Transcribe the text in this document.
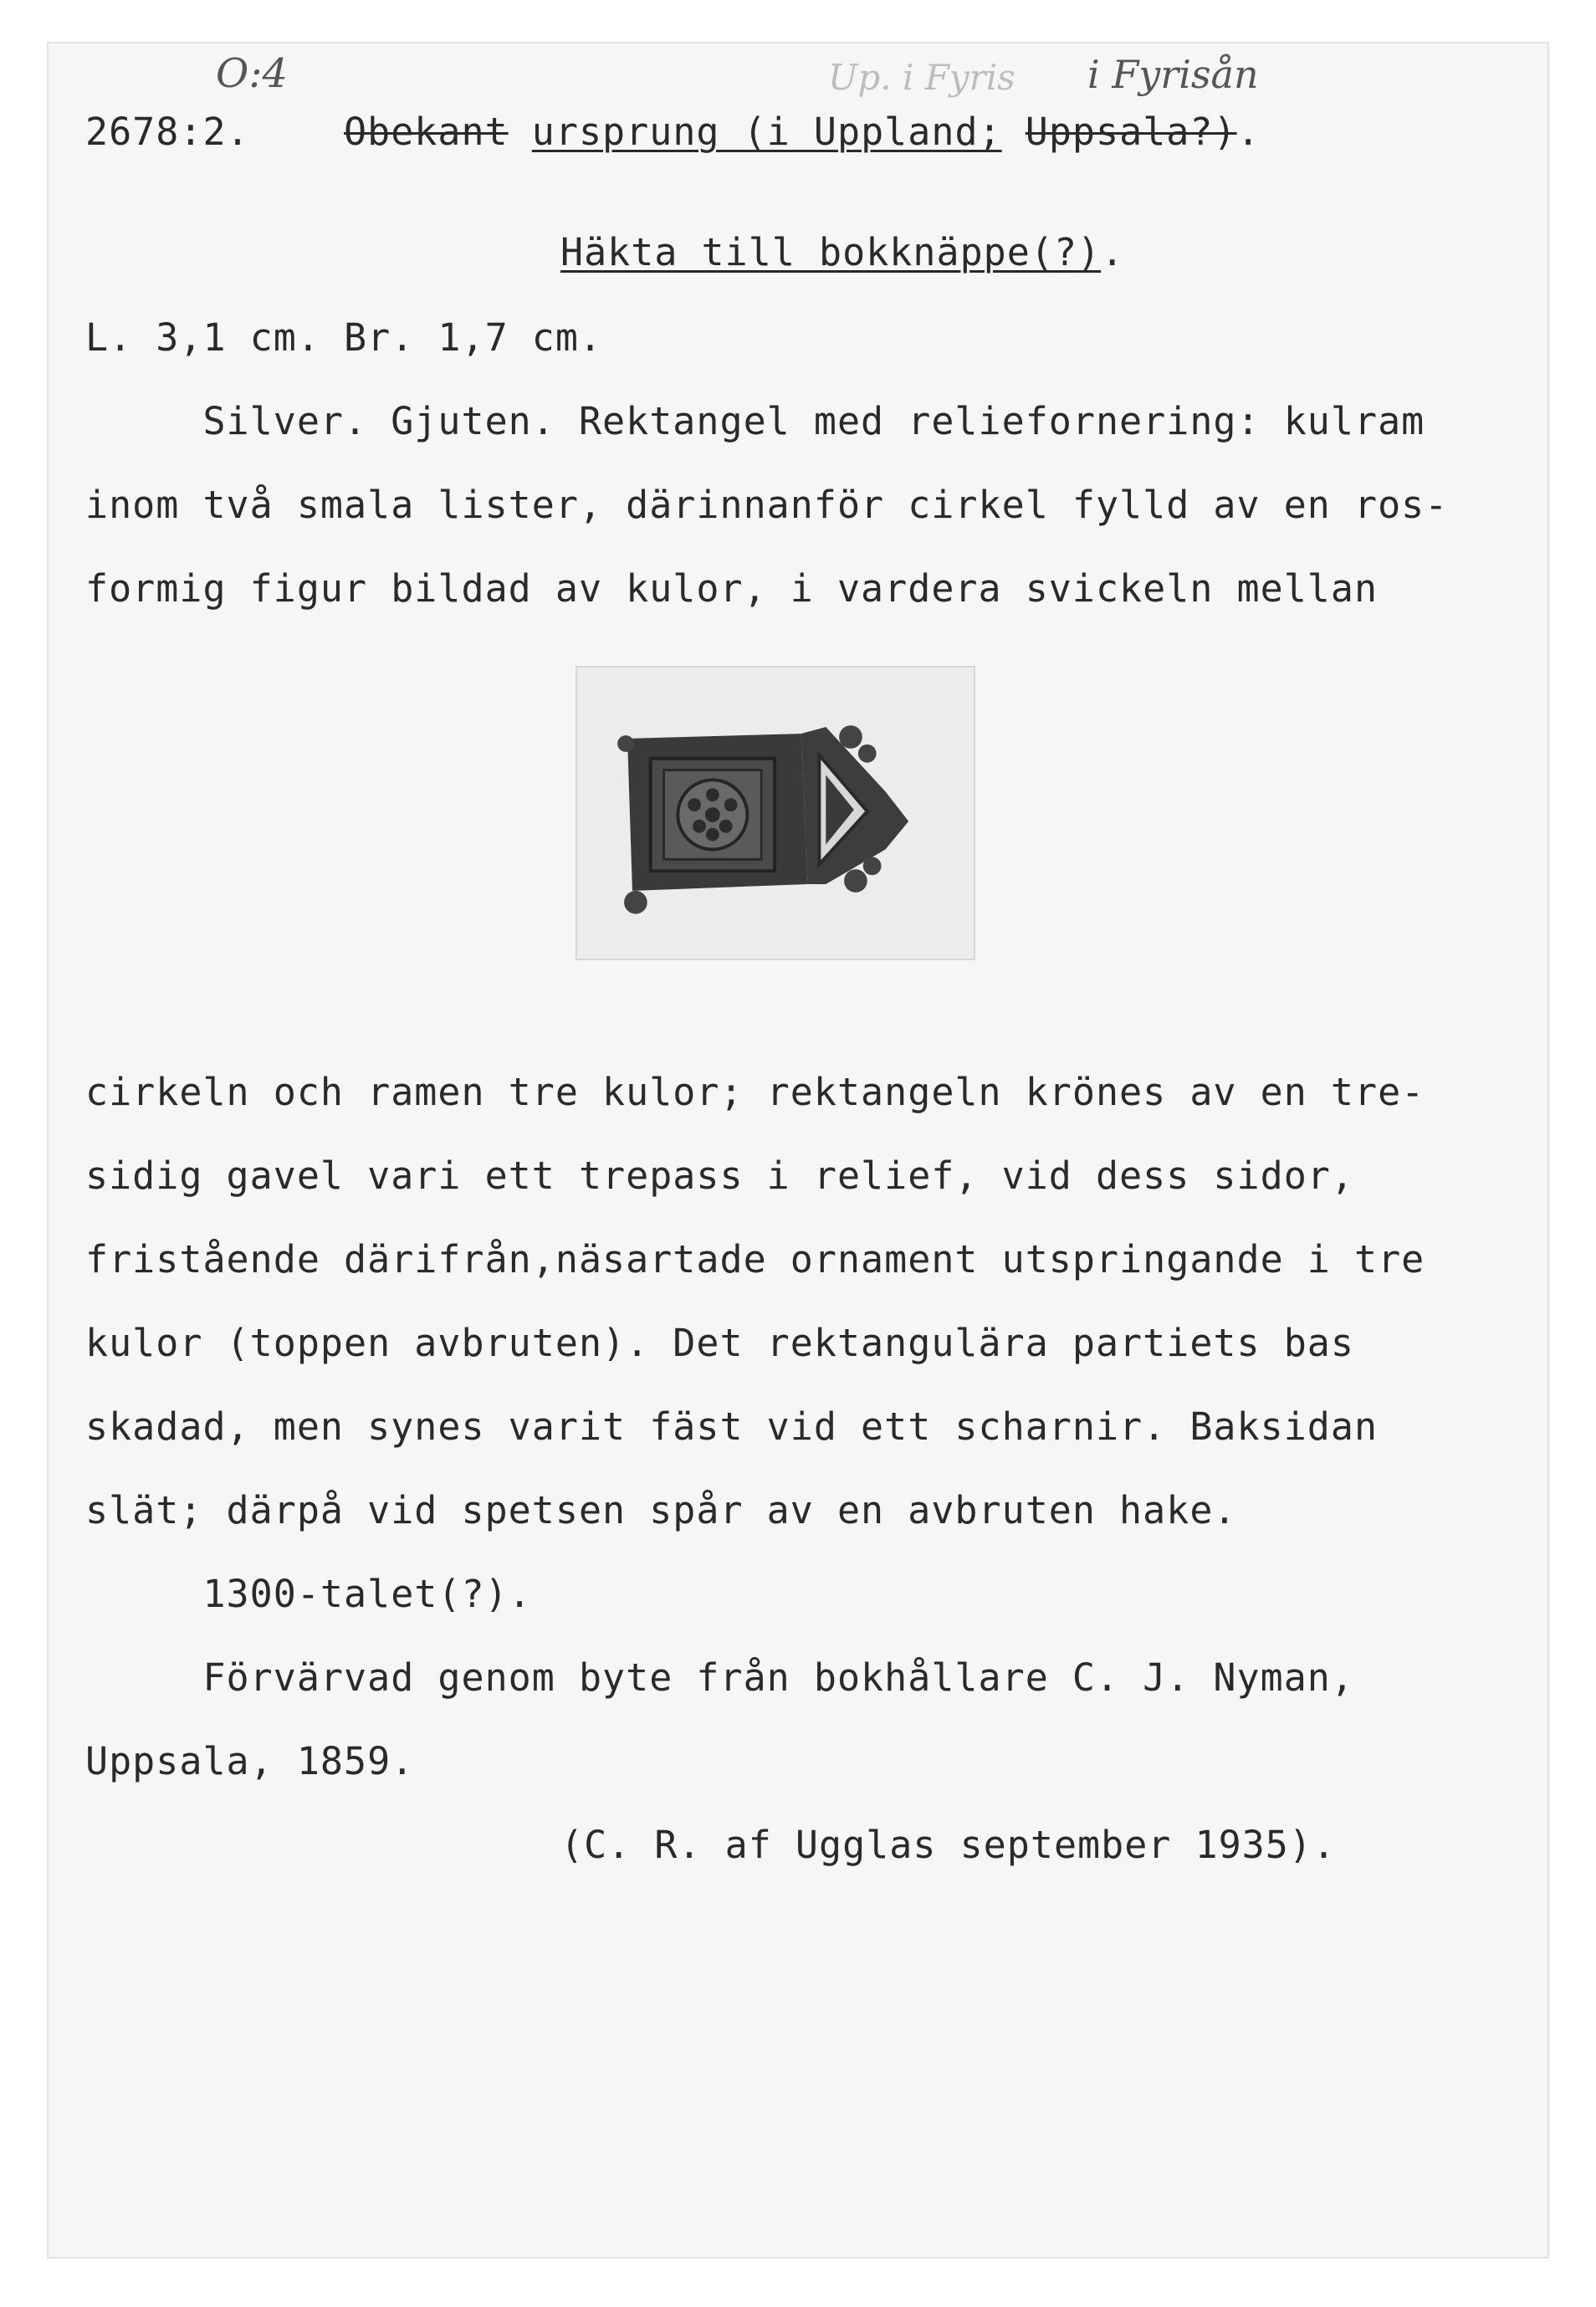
O:4	Up. i Fyris i Fyrisån
2678:2. Obekant ursprung (i Uppland; Uppsala?).
Häkta till bokknäppe(?).
L. 3,1 cm. Br. 1,7 cm.
Silver. Gjuten. Rektangel med reliefornering: kulram
inom två smala lister, därinnanför cirkel fylld av en ros-
formig figur bildad av kulor, i vardera svickeln mellan
cirkeln och ramen tre kulor; rektangeln krönes av en tre-
sidig gavel vari ett trepass i relief, vid dess sidor,
fristående därifrån,näsartade ornament utspringande i tre
kulor (toppen avbruten). Det rektangulära partiets bas
skadad, men synes varit fäst vid ett scharnir. Baksidan
slät; därpå vid spetsen spår av en avbruten hake.
1300-talet(?).
Förvärvad genom byte från bokhållare C. J. Nyman,
Uppsala, 1859.
(C. R. af Ugglas september 1935).
